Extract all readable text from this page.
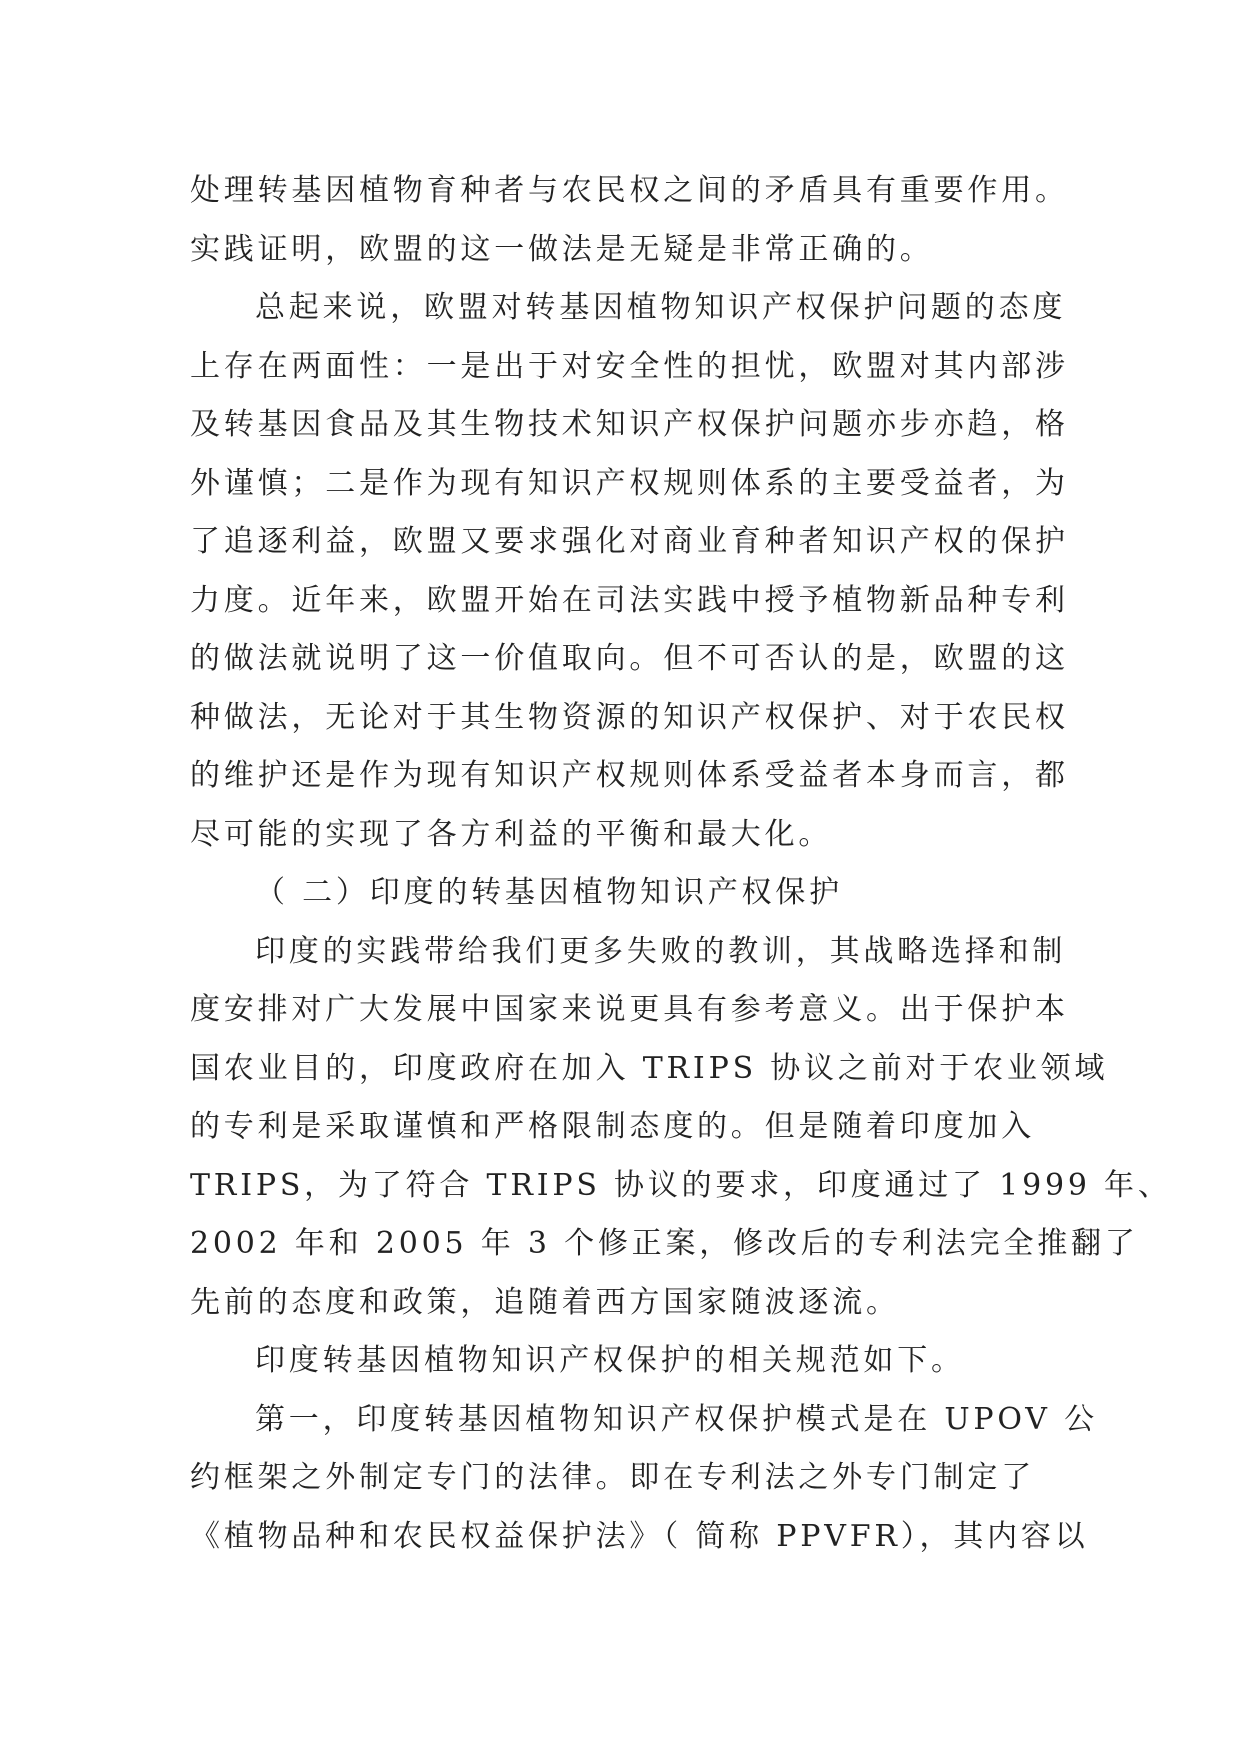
处理转基因植物育种者与农民权之间的矛盾具有重要作用。
实践证明，欧盟的这一做法是无疑是非常正确的。
总起来说，欧盟对转基因植物知识产权保护问题的态度
上存在两面性：一是出于对安全性的担忧，欧盟对其内部涉
及转基因食品及其生物技术知识产权保护问题亦步亦趋，格
外谨慎；二是作为现有知识产权规则体系的主要受益者，为
了追逐利益，欧盟又要求强化对商业育种者知识产权的保护
力度。近年来，欧盟开始在司法实践中授予植物新品种专利
的做法就说明了这一价值取向。但不可否认的是，欧盟的这
种做法，无论对于其生物资源的知识产权保护、对于农民权
的维护还是作为现有知识产权规则体系受益者本身而言，都
尽可能的实现了各方利益的平衡和最大化。
（ 二）印度的转基因植物知识产权保护
印度的实践带给我们更多失败的教训，其战略选择和制
度安排对广大发展中国家来说更具有参考意义。出于保护本
国农业目的，印度政府在加入 TRIPS 协议之前对于农业领域
的专利是采取谨慎和严格限制态度的。但是随着印度加入
TRIPS，为了符合 TRIPS 协议的要求，印度通过了 1999 年、
2002 年和 2005 年 3 个修正案，修改后的专利法完全推翻了
先前的态度和政策，追随着西方国家随波逐流。
印度转基因植物知识产权保护的相关规范如下。
第一，印度转基因植物知识产权保护模式是在 UPOV 公
约框架之外制定专门的法律。即在专利法之外专门制定了
《植物品种和农民权益保护法》（ 简称 PPVFR），其内容以
